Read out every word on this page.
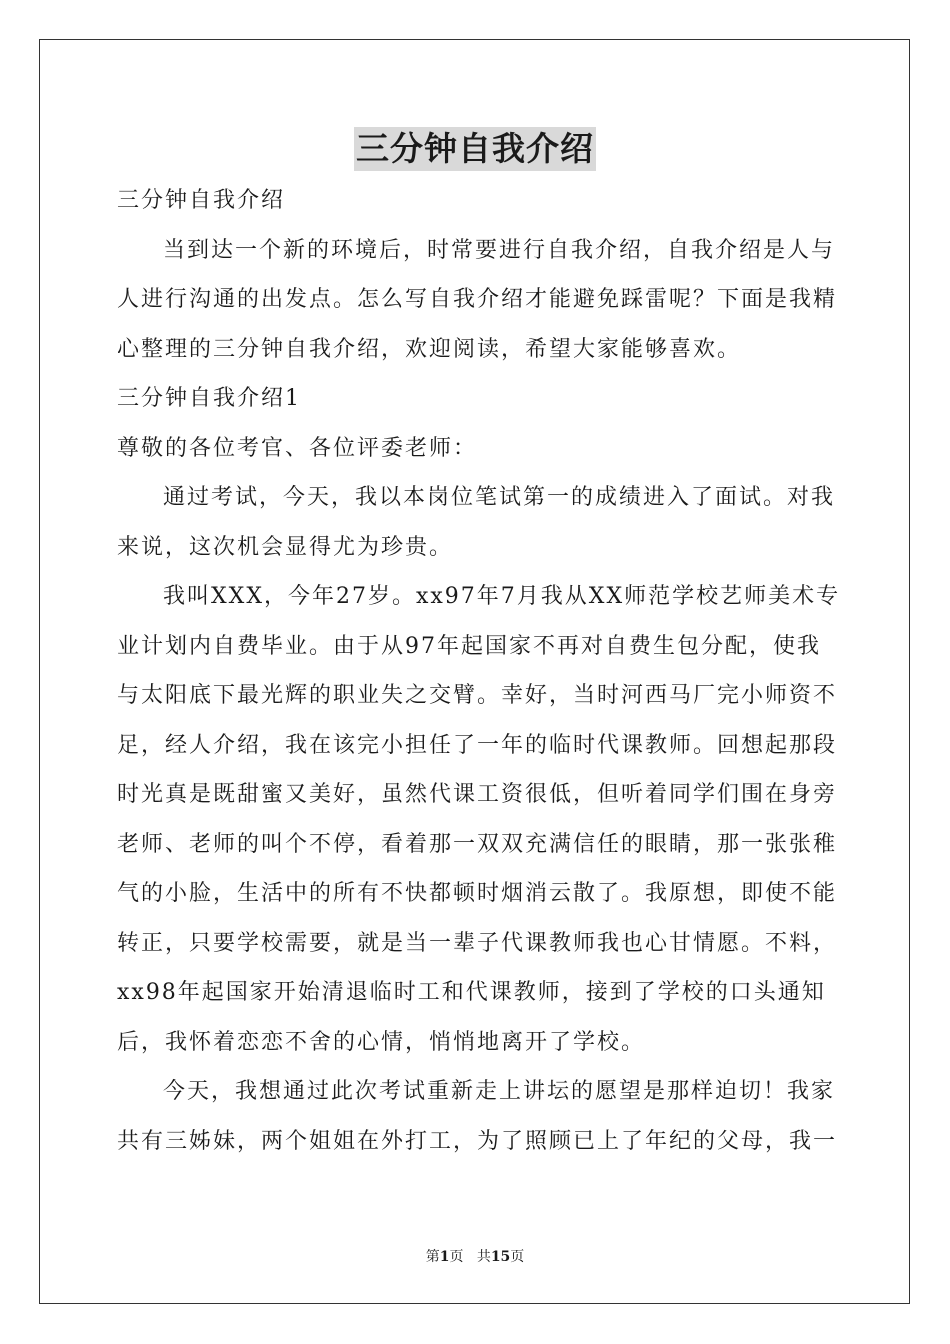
三分钟自我介绍
三分钟自我介绍
当到达一个新的环境后，时常要进行自我介绍，自我介绍是人与
人进行沟通的出发点。怎么写自我介绍才能避免踩雷呢？下面是我精
心整理的三分钟自我介绍，欢迎阅读，希望大家能够喜欢。
三分钟自我介绍1
尊敬的各位考官、各位评委老师：
通过考试，今天，我以本岗位笔试第一的成绩进入了面试。对我
来说，这次机会显得尤为珍贵。
我叫XXX，今年27岁。xx97年7月我从XX师范学校艺师美术专
业计划内自费毕业。由于从97年起国家不再对自费生包分配，使我
与太阳底下最光辉的职业失之交臂。幸好，当时河西马厂完小师资不
足，经人介绍，我在该完小担任了一年的临时代课教师。回想起那段
时光真是既甜蜜又美好，虽然代课工资很低，但听着同学们围在身旁
老师、老师的叫个不停，看着那一双双充满信任的眼睛，那一张张稚
气的小脸，生活中的所有不快都顿时烟消云散了。我原想，即使不能
转正，只要学校需要，就是当一辈子代课教师我也心甘情愿。不料，
xx98年起国家开始清退临时工和代课教师，接到了学校的口头通知
后，我怀着恋恋不舍的心情，悄悄地离开了学校。
今天，我想通过此次考试重新走上讲坛的愿望是那样迫切！我家
共有三姊妹，两个姐姐在外打工，为了照顾已上了年纪的父母，我一
第1页 共15页
